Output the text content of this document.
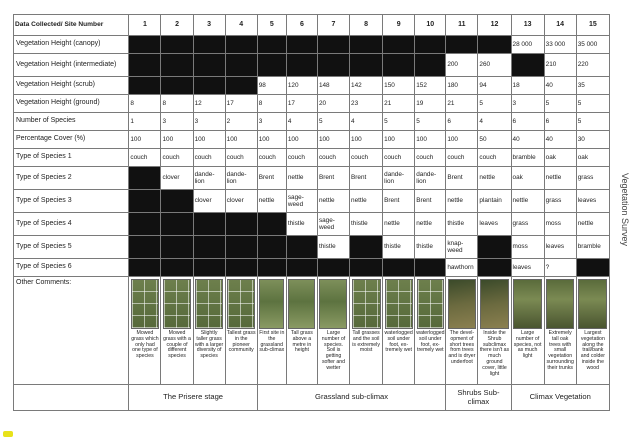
Data Collected/ Site Number	1	2	3	4	5	6	7	8	9	10	11	12	13	14	15
Vegetation Height (canopy)													28 000	33 000	35 000
Vegetation Height (intermediate)											200	260		210	220
Vegetation Height (scrub)					98	120	148	142	150	152	180	94	18	40	35
Vegetation Height (ground)	8	8	12	17	8	17	20	23	21	19	21	5	3	5	5
Number of Species	1	3	3	2	3	4	5	4	5	5	6	4	6	6	5
Percentage Cover (%)	100	100	100	100	100	100	100	100	100	100	100	50	40	40	30
Type of Species 1	couch	couch	couch	couch	couch	couch	couch	couch	couch	couch	couch	couch	bramble	oak	oak
Type of Species 2		clover	dande-lion	dande-lion	Brent	nettle	Brent	Brent	dande-lion	dande-lion	Brent	nettle	oak	nettle	grass
Type of Species 3			clover	clover	nettle	sage-weed	nettle	nettle	Brent	Brent	nettle	plantain	nettle	grass	leaves
Type of Species 4						thistle	sage-weed	thistle	nettle	nettle	thistle	leaves	grass	moss	nettle
Type of Species 5							thistle		thistle	thistle	knap-weed		moss	leaves	bramble
Type of Species 6											hawthorn		leaves	?	
Other Comments:	Mowed grass which only had one type of species	Mowed grass with a couple of different species	Slightly taller grass with a larger diversity of species	Tallest grass in the pioneer community	First site in the grassland sub-climax	Tall grass above a metre in height	Large number of species. Soil is getting softer and wetter	Tall grasses and the soil is extremely moist	waterlogged soil under foot, ex-tremely wet	waterlogged soil under foot, ex-tremely wet	The devel-opment of short trees from trees and is dryer underfoot	Inside the Shrub subclimax there isn't as much ground cover, little light	Large number of species, not as much light	Extremely tall oak trees with small vegetation surrounding their trunks	Largest vegetation along the trail/bank and colder inside the wood

	The Prisere stage				Grassland sub-climax						Shrubs Sub-climax		Climax Vegetation		
Vegetation Survey
